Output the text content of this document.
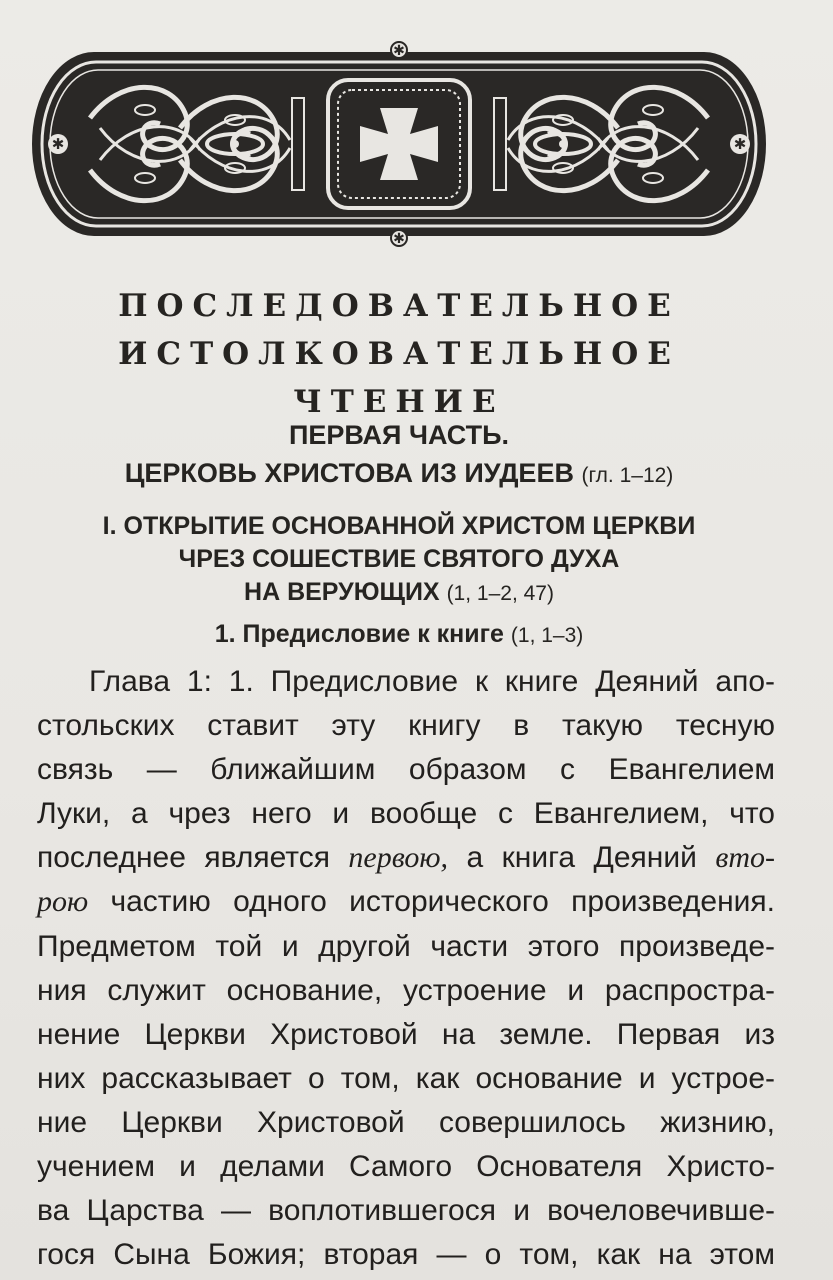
✱
✱
✱	✱
ПОСЛЕДОВАТЕЛЬНОЕ
ИСТОЛКОВАТЕЛЬНОЕ ЧТЕНИЕ
ПЕРВАЯ ЧАСТЬ.
ЦЕРКОВЬ ХРИСТОВА ИЗ ИУДЕЕВ (гл. 1–12)
I. ОТКРЫТИЕ ОСНОВАННОЙ ХРИСТОМ ЦЕРКВИ
ЧРЕЗ СОШЕСТВИЕ СВЯТОГО ДУХА
НА ВЕРУЮЩИХ (1, 1–2, 47)
1. Предисловие к книге (1, 1–3)
Глава 1: 1. Предисловие к книге Деяний апо-
стольских ставит эту книгу в такую тесную
связь — ближайшим образом с Евангелием
Луки, а чрез него и вообще с Евангелием, что
последнее является первою, а книга Деяний вто-
рою частию одного исторического произведения.
Предметом той и другой части этого произведе-
ния служит основание, устроение и распростра-
нение Церкви Христовой на земле. Первая из
них рассказывает о том, как основание и устрое-
ние Церкви Христовой совершилось жизнию,
учением и делами Самого Основателя Христо-
ва Царства — воплотившегося и вочеловечивше-
гося Сына Божия; вторая — о том, как на этом
